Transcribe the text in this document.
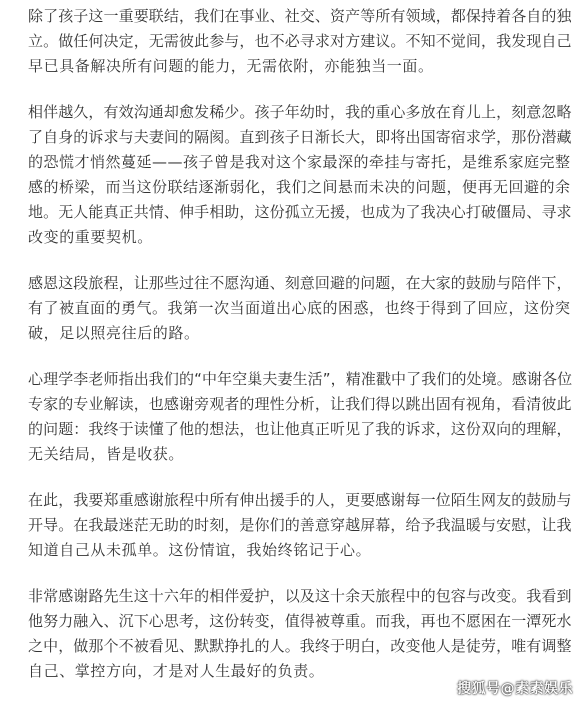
除了孩子这一重要联结，我们在事业、社交、资产等所有领域，都保持着各自的独
立。做任何决定，无需彼此参与，也不必寻求对方建议。不知不觉间，我发现自己
早已具备解决所有问题的能力，无需依附，亦能独当一面。

相伴越久，有效沟通却愈发稀少。孩子年幼时，我的重心多放在育儿上，刻意忽略
了自身的诉求与夫妻间的隔阂。直到孩子日渐长大，即将出国寄宿求学，那份潜藏
的恐慌才悄然蔓延——孩子曾是我对这个家最深的牵挂与寄托，是维系家庭完整
感的桥梁，而当这份联结逐渐弱化，我们之间悬而未决的问题，便再无回避的余
地。无人能真正共情、伸手相助，这份孤立无援，也成为了我决心打破僵局、寻求
改变的重要契机。

感恩这段旅程，让那些过往不愿沟通、刻意回避的问题，在大家的鼓励与陪伴下，
有了被直面的勇气。我第一次当面道出心底的困惑，也终于得到了回应，这份突
破，足以照亮往后的路。

心理学李老师指出我们的“中年空巢夫妻生活”，精准戳中了我们的处境。感谢各位
专家的专业解读，也感谢旁观者的理性分析，让我们得以跳出固有视角，看清彼此
的问题：我终于读懂了他的想法，也让他真正听见了我的诉求，这份双向的理解，
无关结局，皆是收获。

在此，我要郑重感谢旅程中所有伸出援手的人，更要感谢每一位陌生网友的鼓励与
开导。在我最迷茫无助的时刻，是你们的善意穿越屏幕，给予我温暖与安慰，让我
知道自己从未孤单。这份情谊，我始终铭记于心。

非常感谢路先生这十六年的相伴爱护，以及这十余天旅程中的包容与改变。我看到
他努力融入、沉下心思考，这份转变，值得被尊重。而我，再也不愿困在一潭死水
之中，做那个不被看见、默默挣扎的人。我终于明白，改变他人是徒劳，唯有调整
自己、掌控方向，才是对人生最好的负责。

搜狐号@素素娱乐
